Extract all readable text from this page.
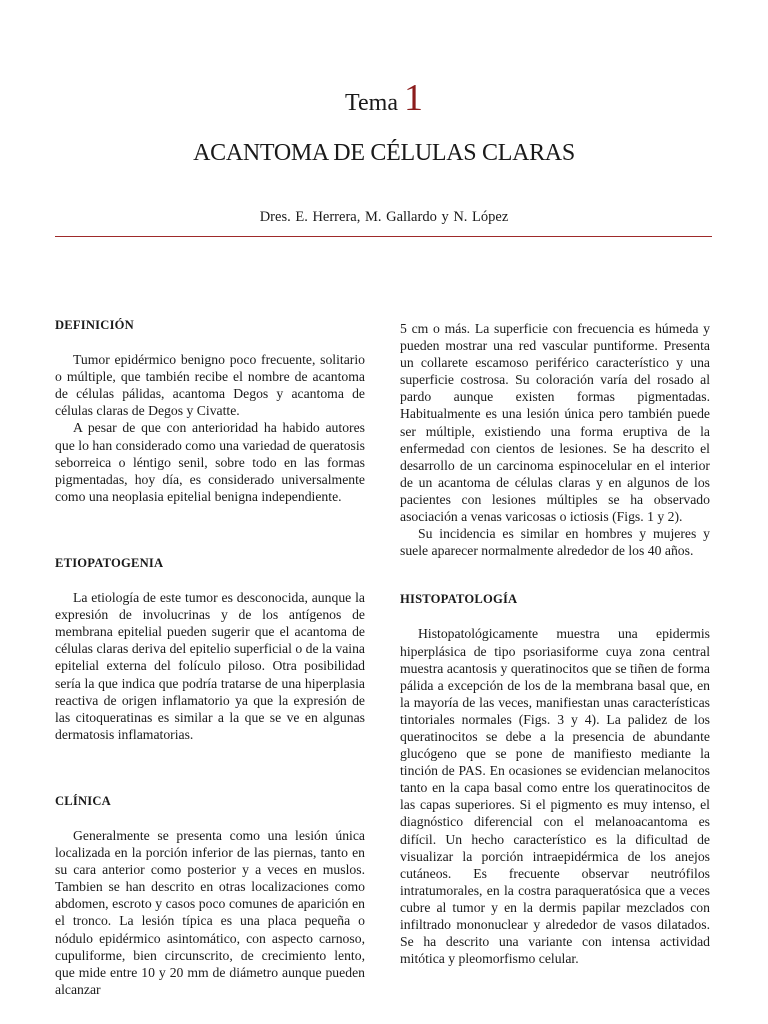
Tema 1
ACANTOMA DE CÉLULAS CLARAS
Dres. E. Herrera, M. Gallardo y N. López
DEFINICIÓN

Tumor epidérmico benigno poco frecuente, solitario o múltiple, que también recibe el nombre de acantoma de células pálidas, acantoma Degos y acantoma de células claras de Degos y Civatte.

A pesar de que con anterioridad ha habido autores que lo han considerado como una variedad de queratosis seborreica o léntigo senil, sobre todo en las formas pigmentadas, hoy día, es considerado universalmente como una neoplasia epitelial benigna independiente.

ETIOPATOGENIA

La etiología de este tumor es desconocida, aunque la expresión de involucrinas y de los antígenos de membrana epitelial pueden sugerir que el acantoma de células claras deriva del epitelio superficial o de la vaina epitelial externa del folículo piloso. Otra posibilidad sería la que indica que podría tratarse de una hiperplasia reactiva de origen inflamatorio ya que la expresión de las citoqueratinas es similar a la que se ve en algunas dermatosis inflamatorias.

CLÍNICA

Generalmente se presenta como una lesión única localizada en la porción inferior de las piernas, tanto en su cara anterior como posterior y a veces en muslos. Tambien se han descrito en otras localizaciones como abdomen, escroto y casos poco comunes de aparición en el tronco. La lesión típica es una placa pequeña o nódulo epidérmico asintomático, con aspecto carnoso, cupuliforme, bien circunscrito, de crecimiento lento, que mide entre 10 y 20 mm de diámetro aunque pueden alcanzar

5 cm o más. La superficie con frecuencia es húmeda y pueden mostrar una red vascular puntiforme. Presenta un collarete escamoso periférico característico y una superficie costrosa. Su coloración varía del rosado al pardo aunque existen formas pigmentadas. Habitualmente es una lesión única pero también puede ser múltiple, existiendo una forma eruptiva de la enfermedad con cientos de lesiones. Se ha descrito el desarrollo de un carcinoma espinocelular en el interior de un acantoma de células claras y en algunos de los pacientes con lesiones múltiples se ha observado asociación a venas varicosas o ictiosis (Figs. 1 y 2).

Su incidencia es similar en hombres y mujeres y suele aparecer normalmente alrededor de los 40 años.

HISTOPATOLOGÍA

Histopatológicamente muestra una epidermis hiperplásica de tipo psoriasiforme cuya zona central muestra acantosis y queratinocitos que se tiñen de forma pálida a excepción de los de la membrana basal que, en la mayoría de las veces, manifiestan unas características tintoriales normales (Figs. 3 y 4). La palidez de los queratinocitos se debe a la presencia de abundante glucógeno que se pone de manifiesto mediante la tinción de PAS. En ocasiones se evidencian melanocitos tanto en la capa basal como entre los queratinocitos de las capas superiores. Si el pigmento es muy intenso, el diagnóstico diferencial con el melanoacantoma es difícil. Un hecho característico es la dificultad de visualizar la porción intraepidérmica de los anejos cutáneos. Es frecuente observar neutrófilos intratumorales, en la costra paraqueratósica que a veces cubre al tumor y en la dermis papilar mezclados con infiltrado mononuclear y alrededor de vasos dilatados. Se ha descrito una variante con intensa actividad mitótica y pleomorfismo celular.
